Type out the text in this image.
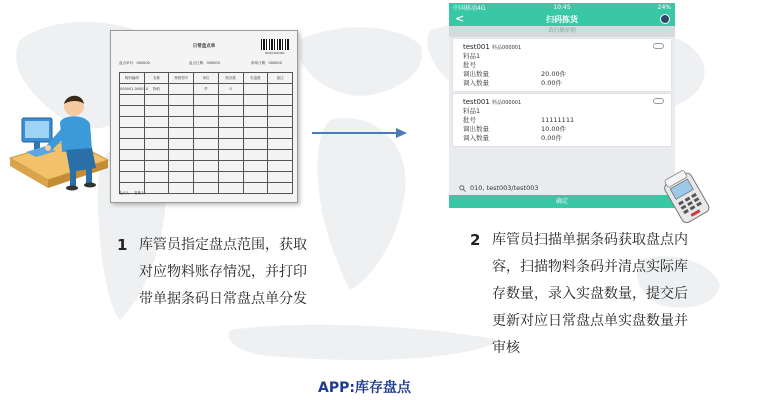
日常盘点单
PD20160301
盘点单号：000000	盘点日期：000000	制单日期：000000
物料编码	名称	规格型号	单位	账存数	实盘数	备注
000001-000010	物料		件	0		

盘点人： 复核人：
中国移动4G	10:45	24%
<	扫码拣货
请扫描单据
test001 料品000001
料品1
批号
调出数量	20.00件
调入数量	0.00件
test001 料品000001
料品1
批号	11111111
调出数量	10.00件
调入数量	0.00件
010, test003/test003
确定
1 库管员指定盘点范围，获取对应物料账存情况，并打印带单据条码日常盘点单分发
2 库管员扫描单据条码获取盘点内容，扫描物料条码并清点实际库存数量，录入实盘数量，提交后更新对应日常盘点单实盘数量并审核
APP:库存盘点
